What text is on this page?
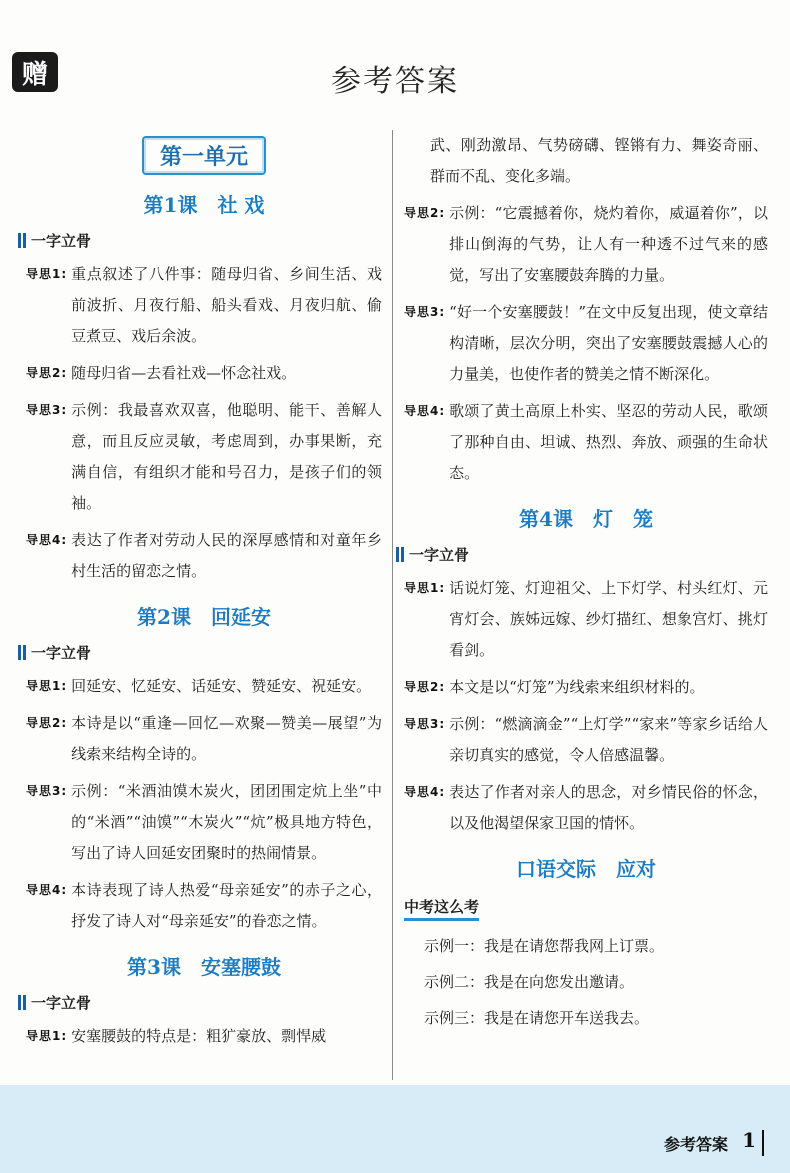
赠	参考答案
第一单元
第1课　社 戏
一字立骨
导思1: 重点叙述了八件事：随母归省、乡间生活、戏前波折、月夜行船、船头看戏、月夜归航、偷豆煮豆、戏后余波。
导思2: 随母归省—去看社戏—怀念社戏。
导思3: 示例：我最喜欢双喜，他聪明、能干、善解人意，而且反应灵敏，考虑周到，办事果断，充满自信，有组织才能和号召力，是孩子们的领袖。
导思4: 表达了作者对劳动人民的深厚感情和对童年乡村生活的留恋之情。
第2课　回延安
一字立骨
导思1: 回延安、忆延安、话延安、赞延安、祝延安。
导思2: 本诗是以“重逢—回忆—欢聚—赞美—展望”为线索来结构全诗的。
导思3: 示例：“米酒油馍木炭火，团团围定炕上坐”中的“米酒”“油馍”“木炭火”“炕”极具地方特色，写出了诗人回延安团聚时的热闹情景。
导思4: 本诗表现了诗人热爱“母亲延安”的赤子之心，抒发了诗人对“母亲延安”的眷恋之情。
第3课　安塞腰鼓
一字立骨
导思1: 安塞腰鼓的特点是：粗犷豪放、剽悍威
武、刚劲激昂、气势磅礴、铿锵有力、舞姿奇丽、群而不乱、变化多端。
导思2: 示例：“它震撼着你，烧灼着你，威逼着你”，以排山倒海的气势，让人有一种透不过气来的感觉，写出了安塞腰鼓奔腾的力量。
导思3: “好一个安塞腰鼓！”在文中反复出现，使文章结构清晰，层次分明，突出了安塞腰鼓震撼人心的力量美，也使作者的赞美之情不断深化。
导思4: 歌颂了黄土高原上朴实、坚忍的劳动人民，歌颂了那种自由、坦诚、热烈、奔放、顽强的生命状态。
第4课　灯　笼
一字立骨
导思1: 话说灯笼、灯迎祖父、上下灯学、村头红灯、元宵灯会、族姊远嫁、纱灯描红、想象宫灯、挑灯看剑。
导思2: 本文是以“灯笼”为线索来组织材料的。
导思3: 示例：“燃滴滴金”“上灯学”“家来”等家乡话给人亲切真实的感觉，令人倍感温馨。
导思4: 表达了作者对亲人的思念，对乡情民俗的怀念，以及他渴望保家卫国的情怀。
口语交际　应对
中考这么考
示例一：我是在请您帮我网上订票。
示例二：我是在向您发出邀请。
示例三：我是在请您开车送我去。
参考答案 1
